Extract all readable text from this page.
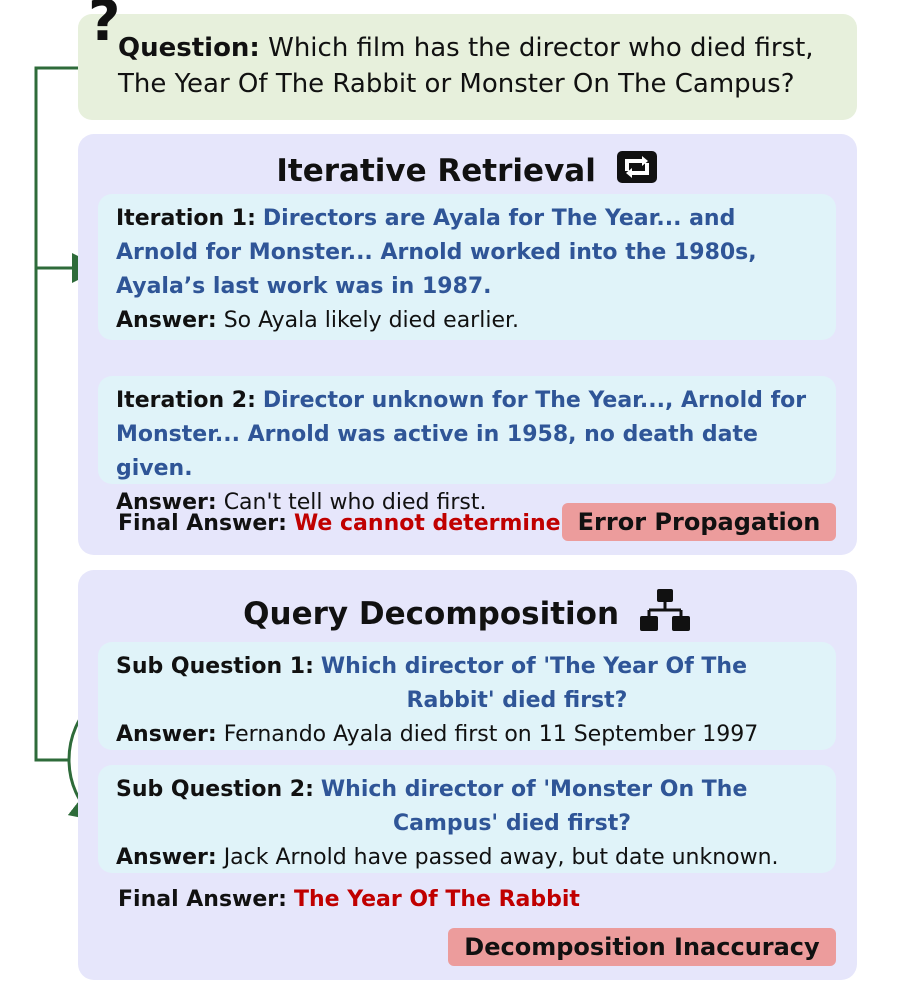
?
Question: Which film has the director who died first, The Year Of The Rabbit or Monster On The Campus?
Iterative Retrieval
Iteration 1: Directors are Ayala for The Year... and Arnold for Monster... Arnold worked into the 1980s, Ayala’s last work was in 1987.
Answer: So Ayala likely died earlier.
Iteration 2: Director unknown for The Year..., Arnold for Monster... Arnold was active in 1958, no death date given.
Answer: Can't tell who died first.
Final Answer: We cannot determine Error Propagation
Query Decomposition
Sub Question 1: Which director of 'The Year Of The
Rabbit' died first?
Answer: Fernando Ayala died first on 11 September 1997
Sub Question 2: Which director of 'Monster On The
Campus' died first?
Answer: Jack Arnold have passed away, but date unknown.
Final Answer: The Year Of The Rabbit
Decomposition Inaccuracy
